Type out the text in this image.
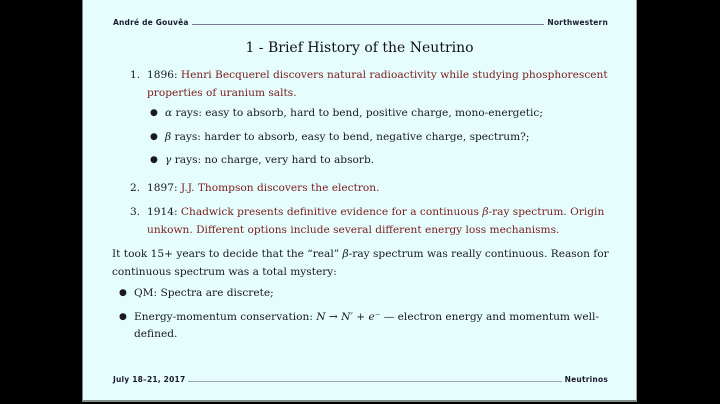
André de Gouvêa	Northwestern
1 - Brief History of the Neutrino
1. 1896: Henri Becquerel discovers natural radioactivity while studying phosphorescent properties of uranium salts.
● α rays: easy to absorb, hard to bend, positive charge, mono-energetic;
● β rays: harder to absorb, easy to bend, negative charge, spectrum?;
● γ rays: no charge, very hard to absorb.
2. 1897: J.J. Thompson discovers the electron.
3. 1914: Chadwick presents definitive evidence for a continuous β-ray spectrum. Origin unkown. Different options include several different energy loss mechanisms.
It took 15+ years to decide that the “real” β-ray spectrum was really continuous. Reason for continuous spectrum was a total mystery:
● QM: Spectra are discrete;
● Energy-momentum conservation: N → N′ + e⁻ — electron energy and momentum well-defined.
July 18–21, 2017	Neutrinos
